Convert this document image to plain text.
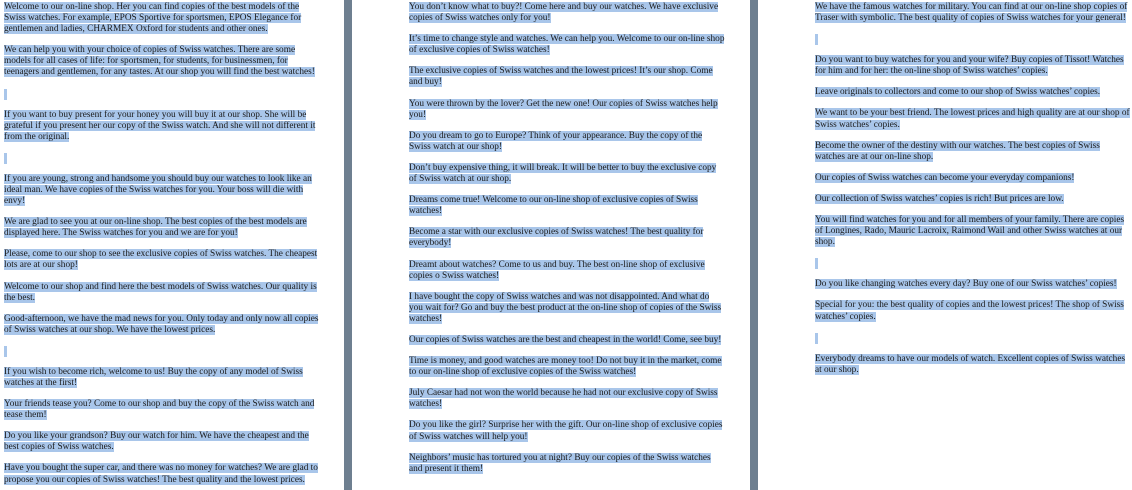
Welcome to our on-line shop. Her you can find copies of the best models of the Swiss watches. For example, EPOS Sportive for sportsmen, EPOS Elegance for gentlemen and ladies, CHARMEX Oxford for students and other ones.

We can help you with your choice of copies of Swiss watches. There are some models for all cases of life: for sportsmen, for students, for businessmen, for teenagers and gentlemen, for any tastes. At our shop you will find the best watches!

If you want to buy present for your honey you will buy it at our shop. She will be grateful if you present her our copy of the Swiss watch. And she will not different it from the original.

If you are young, strong and handsome you should buy our watches to look like an ideal man. We have copies of the Swiss watches for you. Your boss will die with envy!

We are glad to see you at our on-line shop. The best copies of the best models are displayed here. The Swiss watches for you and we are for you!

Please, come to our shop to see the exclusive copies of Swiss watches. The cheapest lots are at our shop!

Welcome to our shop and find here the best models of Swiss watches. Our quality is the best.

Good-afternoon, we have the mad news for you. Only today and only now all copies of Swiss watches at our shop. We have the lowest prices.

If you wish to become rich, welcome to us! Buy the copy of any model of Swiss watches at the first!

Your friends tease you? Come to our shop and buy the copy of the Swiss watch and tease them!

Do you like your grandson? Buy our watch for him. We have the cheapest and the best copies of Swiss watches.

Have you bought the super car, and there was no money for watches? We are glad to propose you our copies of Swiss watches! The best quality and the lowest prices.

You don’t know what to buy?! Come here and buy our watches. We have exclusive copies of Swiss watches only for you!

It’s time to change style and watches. We can help you. Welcome to our on-line shop of exclusive copies of Swiss watches!

The exclusive copies of Swiss watches and the lowest prices! It’s our shop. Come and buy!

You were thrown by the lover? Get the new one! Our copies of Swiss watches help you!

Do you dream to go to Europe? Think of your appearance. Buy the copy of the Swiss watch at our shop!

Don’t buy expensive thing, it will break. It will be better to buy the exclusive copy of Swiss watch at our shop.

Dreams come true! Welcome to our on-line shop of exclusive copies of Swiss watches!

Become a star with our exclusive copies of Swiss watches! The best quality for everybody!

Dreamt about watches? Come to us and buy. The best on-line shop of exclusive copies o Swiss watches!

I have bought the copy of Swiss watches and was not disappointed. And what do you wait for? Go and buy the best product at the on-line shop of copies of the Swiss watches!

Our copies of Swiss watches are the best and cheapest in the world! Come, see buy!

Time is money, and good watches are money too! Do not buy it in the market, come to our on-line shop of exclusive copies of the Swiss watches!

July Caesar had not won the world because he had not our exclusive copy of Swiss watches!

Do you like the girl? Surprise her with the gift. Our on-line shop of exclusive copies of Swiss watches will help you!

Neighbors’ music has tortured you at night? Buy our copies of the Swiss watches and present it them!

We have the famous watches for military. You can find at our on-line shop copies of Traser with symbolic. The best quality of copies of Swiss watches for your general!

Do you want to buy watches for you and your wife? Buy copies of Tissot! Watches for him and for her: the on-line shop of Swiss watches’ copies.

Leave originals to collectors and come to our shop of Swiss watches’ copies.

We want to be your best friend. The lowest prices and high quality are at our shop of Swiss watches’ copies.

Become the owner of the destiny with our watches. The best copies of Swiss watches are at our on-line shop.

Our copies of Swiss watches can become your everyday companions!

Our collection of Swiss watches’ copies is rich! But prices are low.

You will find watches for you and for all members of your family. There are copies of Longines, Rado, Mauric Lacroix, Raimond Wail and other Swiss watches at our shop.

Do you like changing watches every day? Buy one of our Swiss watches’ copies!

Special for you: the best quality of copies and the lowest prices! The shop of Swiss watches’ copies.

Everybody dreams to have our models of watch. Excellent copies of Swiss watches at our shop.
